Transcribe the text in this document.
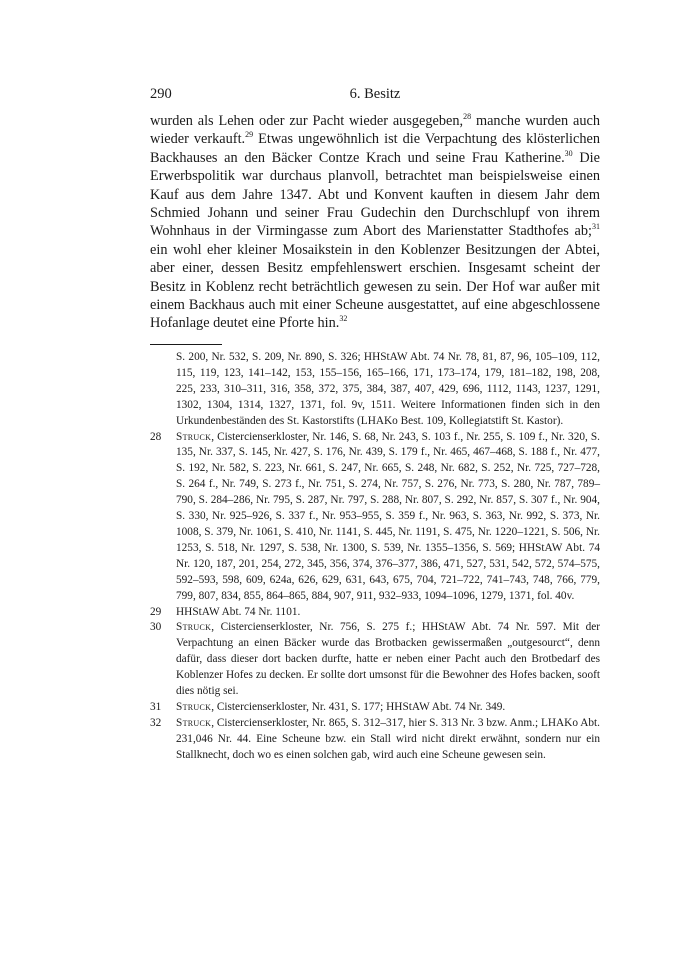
290	6. Besitz

wurden als Lehen oder zur Pacht wieder ausgegeben,$^{28}$ manche wurden auch wieder verkauft.$^{29}$ Etwas ungewöhnlich ist die Verpachtung des klösterlichen Backhauses an den Bäcker Contze Krach und seine Frau Katherine.$^{30}$ Die Erwerbspolitik war durchaus planvoll, betrachtet man beispielsweise einen Kauf aus dem Jahre 1347. Abt und Konvent kauften in diesem Jahr dem Schmied Johann und seiner Frau Gudechin den Durchschlupf von ihrem Wohnhaus in der Virmingasse zum Abort des Marienstatter Stadthofes ab;$^{31}$ ein wohl eher kleiner Mosaikstein in den Koblenzer Besitzungen der Abtei, aber einer, dessen Besitz empfehlenswert erschien. Insgesamt scheint der Besitz in Koblenz recht beträchtlich gewesen zu sein. Der Hof war außer mit einem Backhaus auch mit einer Scheune ausgestattet, auf eine abgeschlossene Hofanlage deutet eine Pforte hin.$^{32}$

S. 200, Nr. 532, S. 209, Nr. 890, S. 326; HHStAW Abt. 74 Nr. 78, 81, 87, 96, 105–109, 112, 115, 119, 123, 141–142, 153, 155–156, 165–166, 171, 173–174, 179, 181–182, 198, 208, 225, 233, 310–311, 316, 358, 372, 375, 384, 387, 407, 429, 696, 1112, 1143, 1237, 1291, 1302, 1304, 1314, 1327, 1371, fol. 9v, 1511. Weitere Informationen finden sich in den Urkundenbeständen des St. Kastorstifts (LHAKo Best. 109, Kollegiatstift St. Kastor).

28 Struck, Cistercienserkloster, Nr. 146, S. 68, Nr. 243, S. 103 f., Nr. 255, S. 109 f., Nr. 320, S. 135, Nr. 337, S. 145, Nr. 427, S. 176, Nr. 439, S. 179 f., Nr. 465, 467–468, S. 188 f., Nr. 477, S. 192, Nr. 582, S. 223, Nr. 661, S. 247, Nr. 665, S. 248, Nr. 682, S. 252, Nr. 725, 727–728, S. 264 f., Nr. 749, S. 273 f., Nr. 751, S. 274, Nr. 757, S. 276, Nr. 773, S. 280, Nr. 787, 789–790, S. 284–286, Nr. 795, S. 287, Nr. 797, S. 288, Nr. 807, S. 292, Nr. 857, S. 307 f., Nr. 904, S. 330, Nr. 925–926, S. 337 f., Nr. 953–955, S. 359 f., Nr. 963, S. 363, Nr. 992, S. 373, Nr. 1008, S. 379, Nr. 1061, S. 410, Nr. 1141, S. 445, Nr. 1191, S. 475, Nr. 1220–1221, S. 506, Nr. 1253, S. 518, Nr. 1297, S. 538, Nr. 1300, S. 539, Nr. 1355–1356, S. 569; HHStAW Abt. 74 Nr. 120, 187, 201, 254, 272, 345, 356, 374, 376–377, 386, 471, 527, 531, 542, 572, 574–575, 592–593, 598, 609, 624a, 626, 629, 631, 643, 675, 704, 721–722, 741–743, 748, 766, 779, 799, 807, 834, 855, 864–865, 884, 907, 911, 932–933, 1094–1096, 1279, 1371, fol. 40v.

29 HHStAW Abt. 74 Nr. 1101.

30 Struck, Cistercienserkloster, Nr. 756, S. 275 f.; HHStAW Abt. 74 Nr. 597. Mit der Verpachtung an einen Bäcker wurde das Brotbacken gewissermaßen „outgesourct“, denn dafür, dass dieser dort backen durfte, hatte er neben einer Pacht auch den Brotbedarf des Koblenzer Hofes zu decken. Er sollte dort umsonst für die Bewohner des Hofes backen, sooft dies nötig sei.

31 Struck, Cistercienserkloster, Nr. 431, S. 177; HHStAW Abt. 74 Nr. 349.

32 Struck, Cistercienserkloster, Nr. 865, S. 312–317, hier S. 313 Nr. 3 bzw. Anm.; LHAKo Abt. 231,046 Nr. 44. Eine Scheune bzw. ein Stall wird nicht direkt erwähnt, sondern nur ein Stallknecht, doch wo es einen solchen gab, wird auch eine Scheune gewesen sein.
